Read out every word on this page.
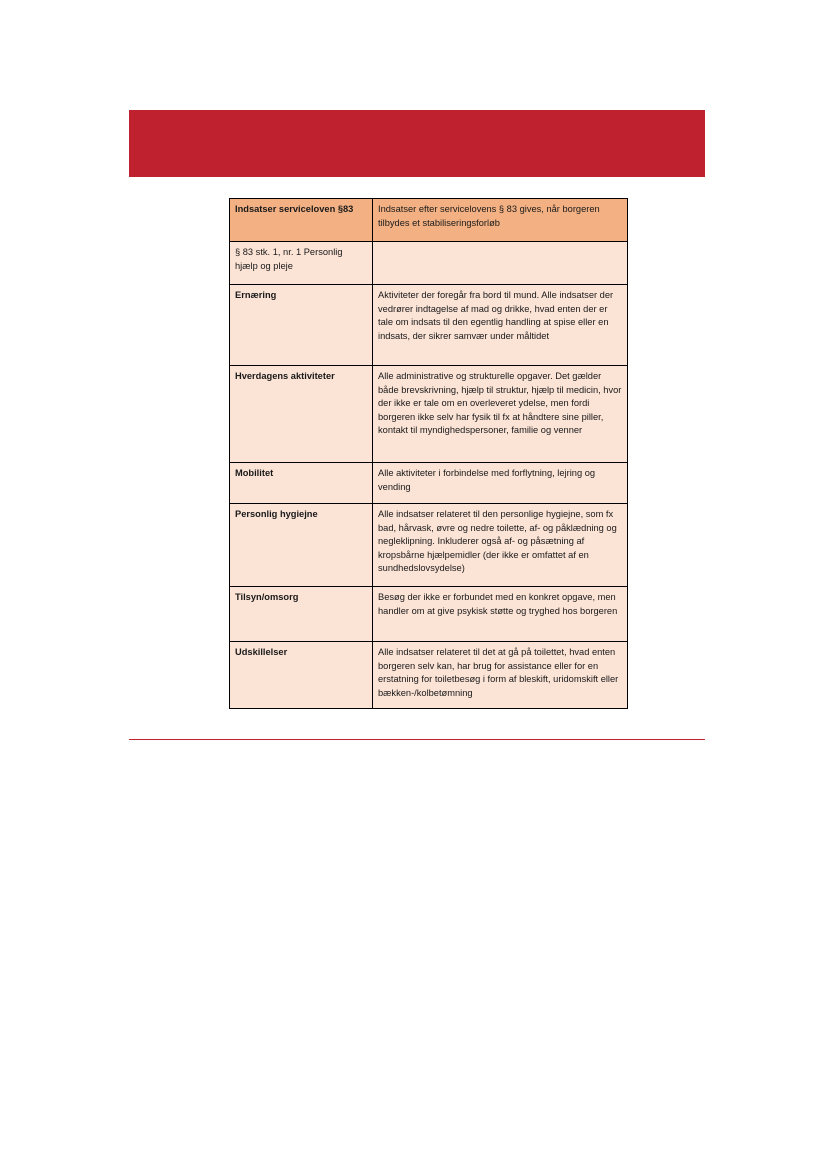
Indsatser serviceloven §83	Indsatser efter servicelovens § 83 gives, når borgeren tilbydes et stabiliseringsforløb
§ 83 stk. 1, nr. 1 Personlig hjælp og pleje	
Ernæring	Aktiviteter der foregår fra bord til mund. Alle indsatser der vedrører indtagelse af mad og drikke, hvad enten der er tale om indsats til den egentlig handling at spise eller en indsats, der sikrer samvær under måltidet
Hverdagens aktiviteter	Alle administrative og strukturelle opgaver. Det gælder både brevskrivning, hjælp til struktur, hjælp til medicin, hvor der ikke er tale om en overleveret ydelse, men fordi borgeren ikke selv har fysik til fx at håndtere sine piller, kontakt til myndighedspersoner, familie og venner
Mobilitet	Alle aktiviteter i forbindelse med forflytning, lejring og vending
Personlig hygiejne	Alle indsatser relateret til den personlige hygiejne, som fx bad, hårvask, øvre og nedre toilette, af- og påklædning og negleklipning. Inkluderer også af- og påsætning af kropsbårne hjælpemidler (der ikke er omfattet af en sundhedslovsydelse)
Tilsyn/omsorg	Besøg der ikke er forbundet med en konkret opgave, men handler om at give psykisk støtte og tryghed hos borgeren
Udskillelser	Alle indsatser relateret til det at gå på toilettet, hvad enten borgeren selv kan, har brug for assistance eller for en erstatning for toiletbesøg i form af bleskift, uridomskift eller bækken-/kolbetømning
